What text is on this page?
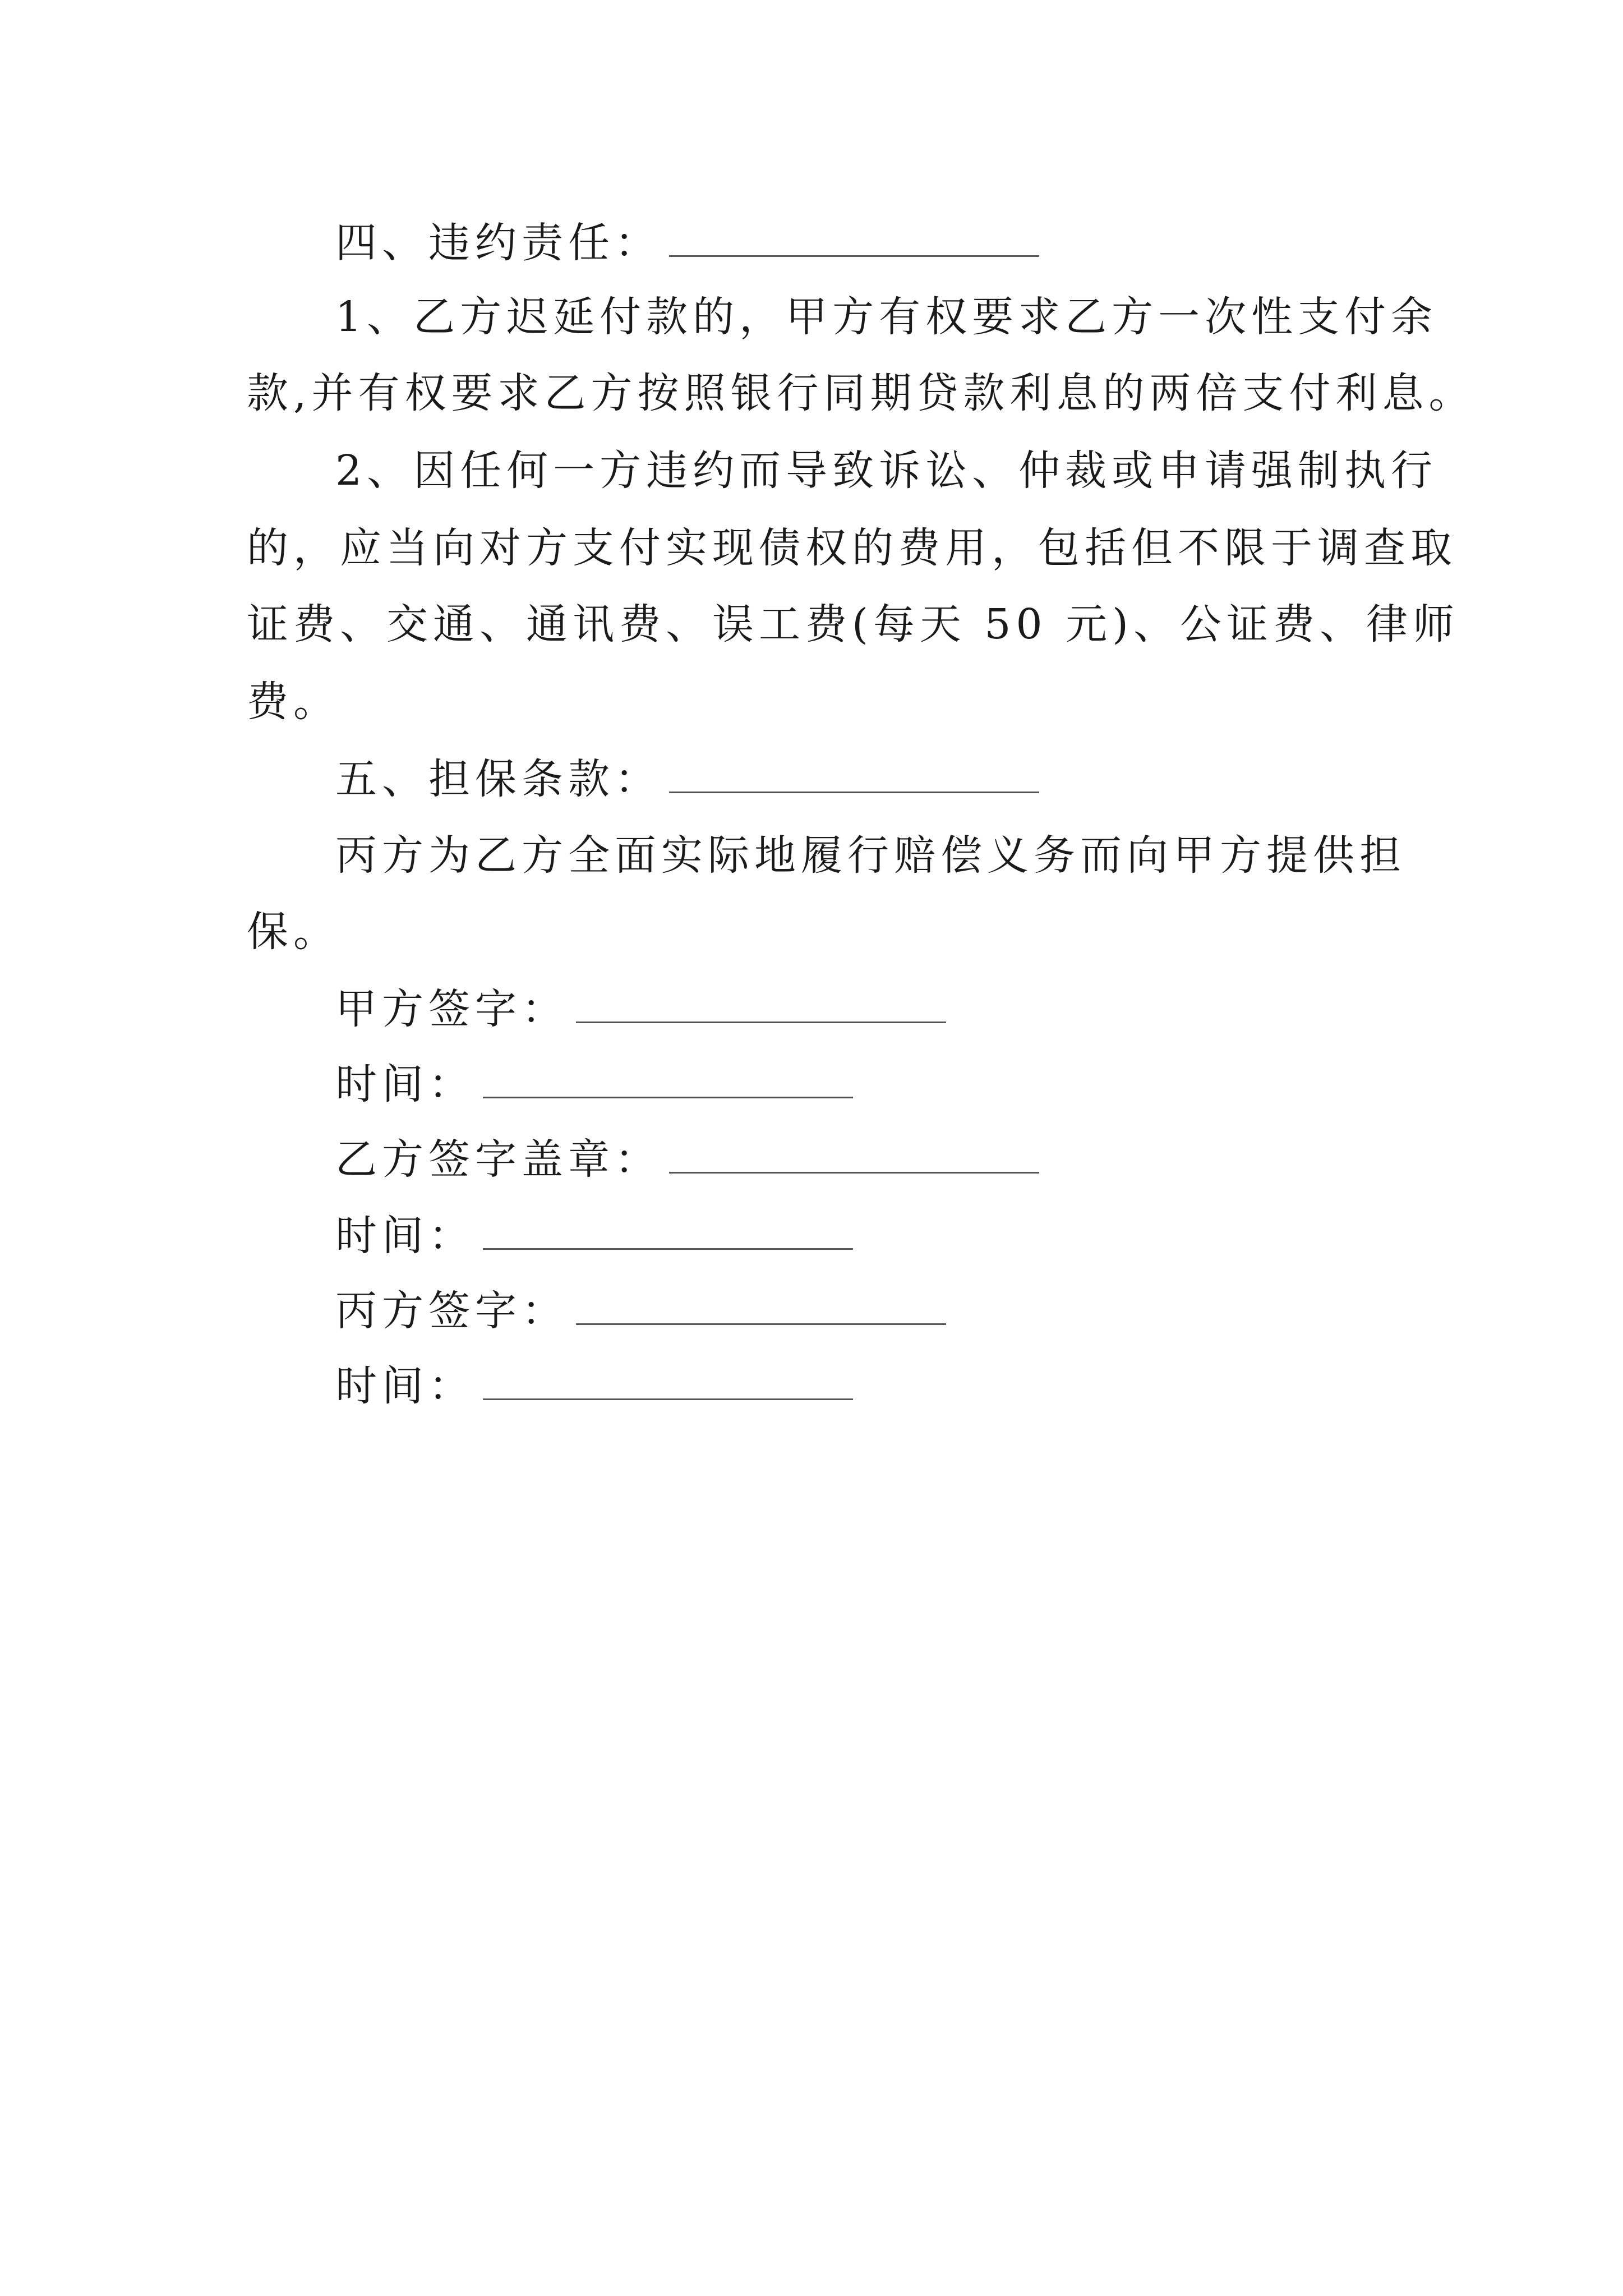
四、违约责任：
1、乙方迟延付款的，甲方有权要求乙方一次性支付余
款,并有权要求乙方按照银行同期贷款利息的两倍支付利息。
2、因任何一方违约而导致诉讼、仲裁或申请强制执行
的，应当向对方支付实现债权的费用，包括但不限于调查取
证费、交通、通讯费、误工费(每天 50 元)、公证费、律师
费。
五、担保条款：
丙方为乙方全面实际地履行赔偿义务而向甲方提供担
保。
甲方签字：
时间：
乙方签字盖章：
时间：
丙方签字：
时间：
